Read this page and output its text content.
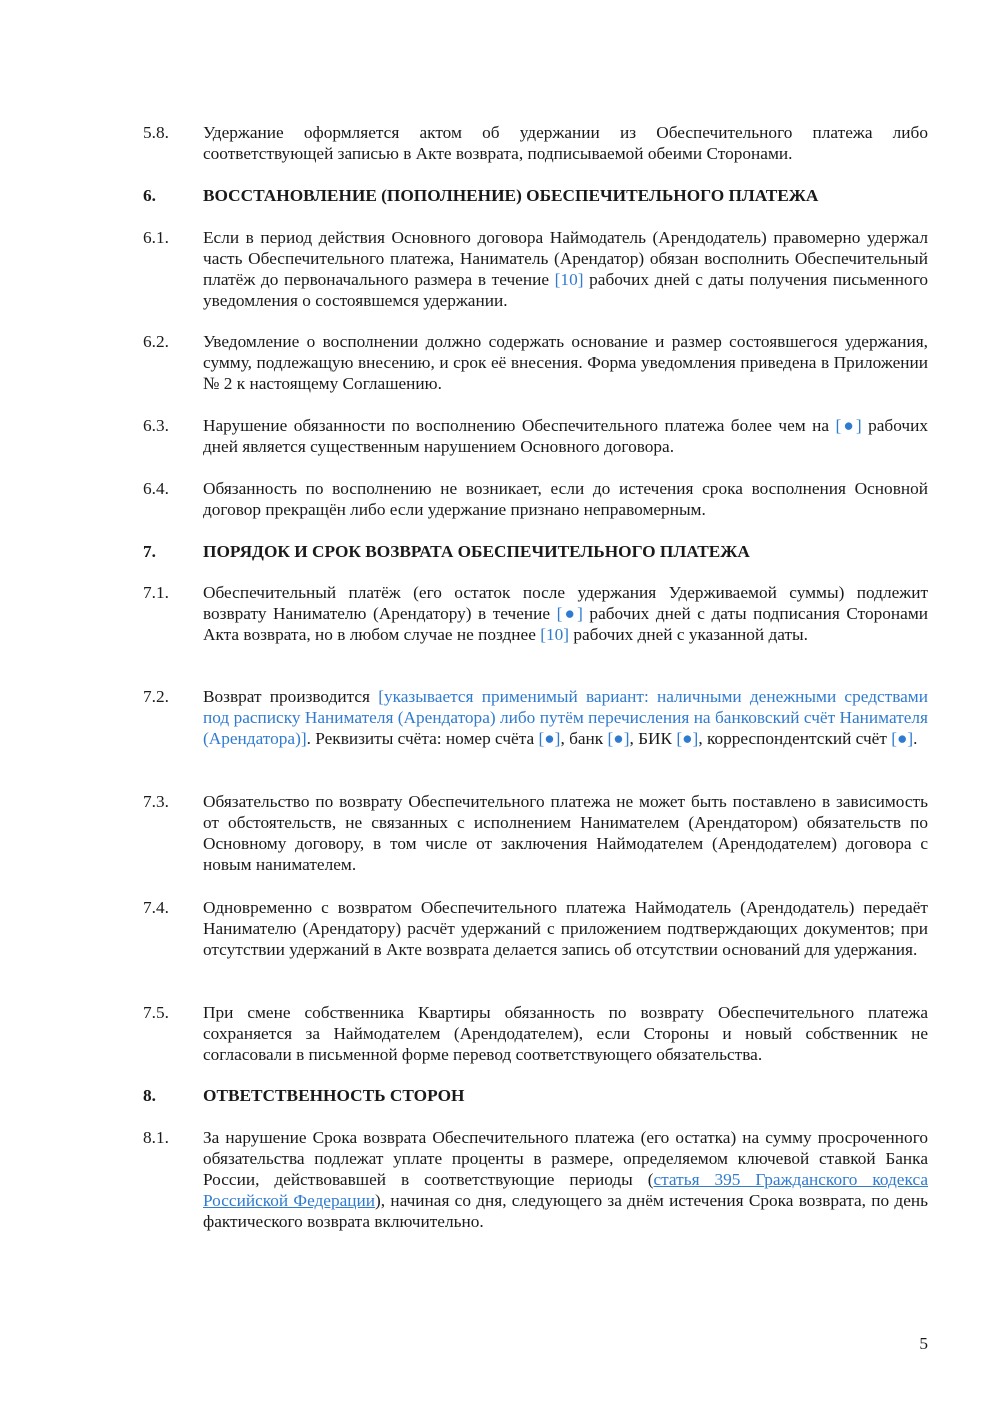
5.8.	Удержание оформляется актом об удержании из Обеспечительного платежа либо соответствующей записью в Акте возврата, подписываемой обеими Сторонами.
6.	ВОССТАНОВЛЕНИЕ (ПОПОЛНЕНИЕ) ОБЕСПЕЧИТЕЛЬНОГО ПЛАТЕЖА
6.1.	Если в период действия Основного договора Наймодатель (Арендодатель) правомерно удержал часть Обеспечительного платежа, Наниматель (Арендатор) обязан восполнить Обеспечительный платёж до первоначального размера в течение [10] рабочих дней с даты получения письменного уведомления о состоявшемся удержании.
6.2.	Уведомление о восполнении должно содержать основание и размер состоявшегося удержания, сумму, подлежащую внесению, и срок её внесения. Форма уведомления приведена в Приложении № 2 к настоящему Соглашению.
6.3.	Нарушение обязанности по восполнению Обеспечительного платежа более чем на [●] рабочих дней является существенным нарушением Основного договора.
6.4.	Обязанность по восполнению не возникает, если до истечения срока восполнения Основной договор прекращён либо если удержание признано неправомерным.
7.	ПОРЯДОК И СРОК ВОЗВРАТА ОБЕСПЕЧИТЕЛЬНОГО ПЛАТЕЖА
7.1.	Обеспечительный платёж (его остаток после удержания Удерживаемой суммы) подлежит возврату Нанимателю (Арендатору) в течение [●] рабочих дней с даты подписания Сторонами Акта возврата, но в любом случае не позднее [10] рабочих дней с указанной даты.
7.2.	Возврат производится [указывается применимый вариант: наличными денежными средствами под расписку Нанимателя (Арендатора) либо путём перечисления на банковский счёт Нанимателя (Арендатора)]. Реквизиты счёта: номер счёта [●], банк [●], БИК [●], корреспондентский счёт [●].
7.3.	Обязательство по возврату Обеспечительного платежа не может быть поставлено в зависимость от обстоятельств, не связанных с исполнением Нанимателем (Арендатором) обязательств по Основному договору, в том числе от заключения Наймодателем (Арендодателем) договора с новым нанимателем.
7.4.	Одновременно с возвратом Обеспечительного платежа Наймодатель (Арендодатель) передаёт Нанимателю (Арендатору) расчёт удержаний с приложением подтверждающих документов; при отсутствии удержаний в Акте возврата делается запись об отсутствии оснований для удержания.
7.5.	При смене собственника Квартиры обязанность по возврату Обеспечительного платежа сохраняется за Наймодателем (Арендодателем), если Стороны и новый собственник не согласовали в письменной форме перевод соответствующего обязательства.
8.	ОТВЕТСТВЕННОСТЬ СТОРОН
8.1.	За нарушение Срока возврата Обеспечительного платежа (его остатка) на сумму просроченного обязательства подлежат уплате проценты в размере, определяемом ключевой ставкой Банка России, действовавшей в соответствующие периоды (статья 395 Гражданского кодекса Российской Федерации), начиная со дня, следующего за днём истечения Срока возврата, по день фактического возврата включительно.
5
